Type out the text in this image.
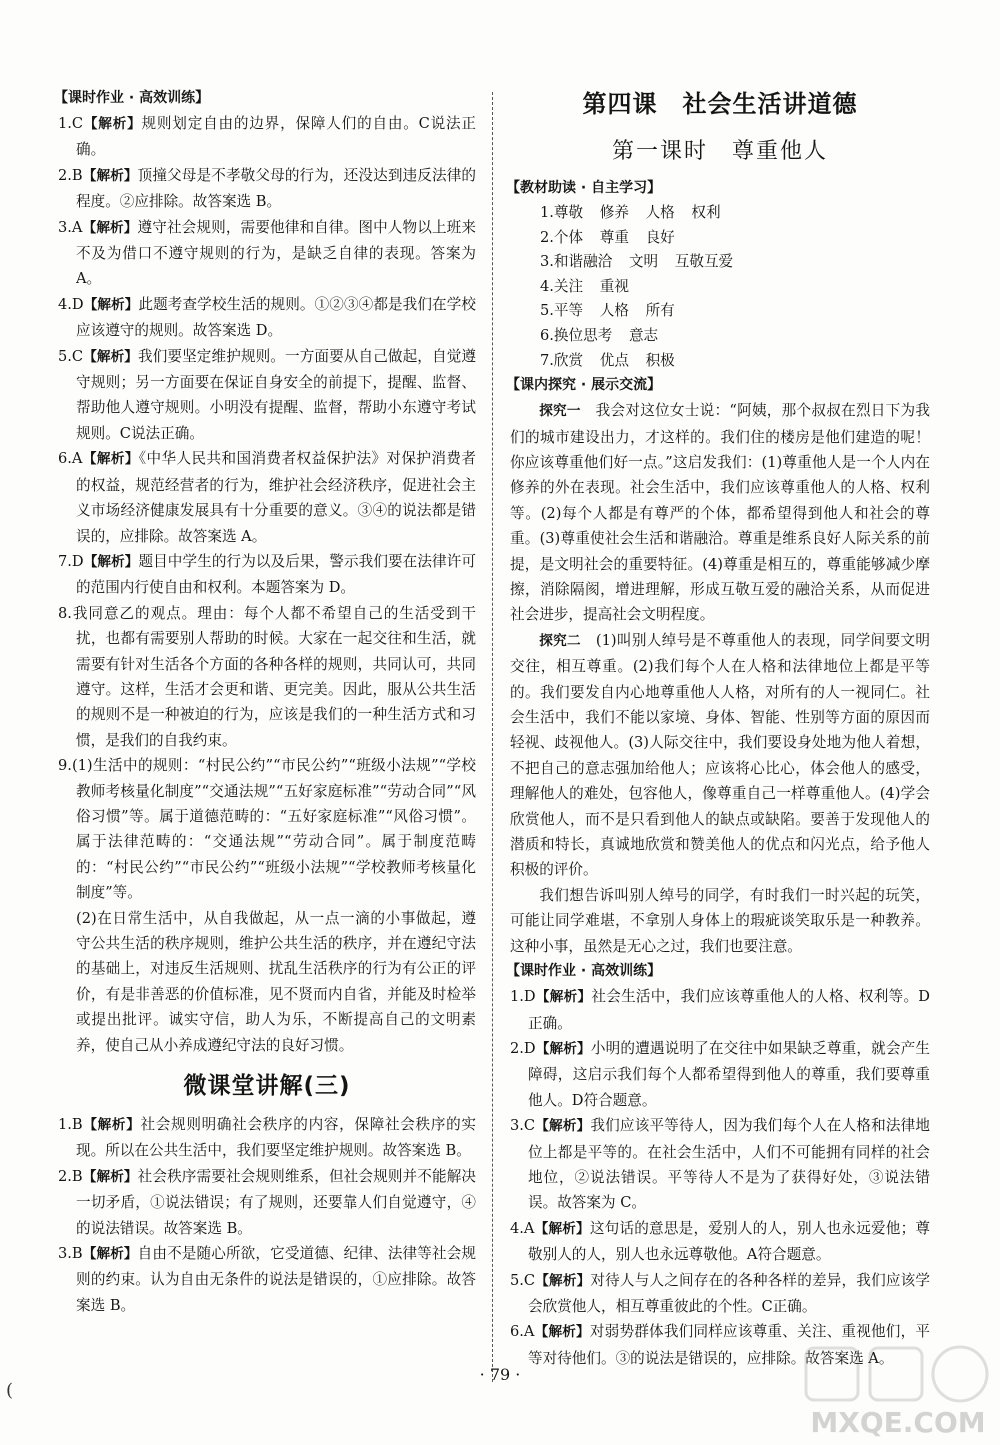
【课时作业 · 高效训练】
1.C【解析】规则划定自由的边界，保障人们的自由。C说法正确。
2.B【解析】顶撞父母是不孝敬父母的行为，还没达到违反法律的程度。②应排除。故答案选 B。
3.A【解析】遵守社会规则，需要他律和自律。图中人物以上班来不及为借口不遵守规则的行为，是缺乏自律的表现。答案为 A。
4.D【解析】此题考查学校生活的规则。①②③④都是我们在学校应该遵守的规则。故答案选 D。
5.C【解析】我们要坚定维护规则。一方面要从自己做起，自觉遵守规则；另一方面要在保证自身安全的前提下，提醒、监督、帮助他人遵守规则。小明没有提醒、监督，帮助小东遵守考试规则。C说法正确。
6.A【解析】《中华人民共和国消费者权益保护法》对保护消费者的权益，规范经营者的行为，维护社会经济秩序，促进社会主义市场经济健康发展具有十分重要的意义。③④的说法都是错误的，应排除。故答案选 A。
7.D【解析】题目中学生的行为以及后果，警示我们要在法律许可的范围内行使自由和权利。本题答案为 D。
8.我同意乙的观点。理由：每个人都不希望自己的生活受到干扰，也都有需要别人帮助的时候。大家在一起交往和生活，就需要有针对生活各个方面的各种各样的规则，共同认可，共同遵守。这样，生活才会更和谐、更完美。因此，服从公共生活的规则不是一种被迫的行为，应该是我们的一种生活方式和习惯，是我们的自我约束。
9.(1)生活中的规则：“村民公约”“市民公约”“班级小法规”“学校教师考核量化制度”“交通法规”“五好家庭标准”“劳动合同”“风俗习惯”等。属于道德范畴的：“五好家庭标准”“风俗习惯”。属于法律范畴的：“交通法规”“劳动合同”。属于制度范畴的：“村民公约”“市民公约”“班级小法规”“学校教师考核量化制度”等。
(2)在日常生活中，从自我做起，从一点一滴的小事做起，遵守公共生活的秩序规则，维护公共生活的秩序，并在遵纪守法的基础上，对违反生活规则、扰乱生活秩序的行为有公正的评价，有是非善恶的价值标准，见不贤而内自省，并能及时检举或提出批评。诚实守信，助人为乐，不断提高自己的文明素养，使自己从小养成遵纪守法的良好习惯。
微课堂讲解(三)
1.B【解析】社会规则明确社会秩序的内容，保障社会秩序的实现。所以在公共生活中，我们要坚定维护规则。故答案选 B。
2.B【解析】社会秩序需要社会规则维系，但社会规则并不能解决一切矛盾，①说法错误；有了规则，还要靠人们自觉遵守，④的说法错误。故答案选 B。
3.B【解析】自由不是随心所欲，它受道德、纪律、法律等社会规则的约束。认为自由无条件的说法是错误的，①应排除。故答案选 B。
第四课　社会生活讲道德
第一课时　尊重他人
【教材助读 · 自主学习】
1.尊敬 修养 人格 权利
2.个体 尊重 良好
3.和谐融洽 文明 互敬互爱
4.关注 重视
5.平等 人格 所有
6.换位思考 意志
7.欣赏 优点 积极
【课内探究 · 展示交流】
探究一　 我会对这位女士说：“阿姨，那个叔叔在烈日下为我们的城市建设出力，才这样的。我们住的楼房是他们建造的呢！你应该尊重他们好一点。”这启发我们：(1)尊重他人是一个人内在修养的外在表现。社会生活中，我们应该尊重他人的人格、权利等。(2)每个人都是有尊严的个体，都希望得到他人和社会的尊重。(3)尊重使社会生活和谐融洽。尊重是维系良好人际关系的前提，是文明社会的重要特征。(4)尊重是相互的，尊重能够减少摩擦，消除隔阂，增进理解，形成互敬互爱的融洽关系，从而促进社会进步，提高社会文明程度。
探究二　 (1)叫别人绰号是不尊重他人的表现，同学间要文明交往，相互尊重。(2)我们每个人在人格和法律地位上都是平等的。我们要发自内心地尊重他人人格，对所有的人一视同仁。社会生活中，我们不能以家境、身体、智能、性别等方面的原因而轻视、歧视他人。(3)人际交往中，我们要设身处地为他人着想，不把自己的意志强加给他人；应该将心比心，体会他人的感受，理解他人的难处，包容他人，像尊重自己一样尊重他人。(4)学会欣赏他人，而不是只看到他人的缺点或缺陷。要善于发现他人的潜质和特长，真诚地欣赏和赞美他人的优点和闪光点，给予他人积极的评价。
我们想告诉叫别人绰号的同学，有时我们一时兴起的玩笑，可能让同学难堪，不拿别人身体上的瑕疵谈笑取乐是一种教养。这种小事，虽然是无心之过，我们也要注意。
【课时作业 · 高效训练】
1.D【解析】社会生活中，我们应该尊重他人的人格、权利等。D正确。
2.D【解析】小明的遭遇说明了在交往中如果缺乏尊重，就会产生障碍，这启示我们每个人都希望得到他人的尊重，我们要尊重他人。D符合题意。
3.C【解析】我们应该平等待人，因为我们每个人在人格和法律地位上都是平等的。在社会生活中，人们不可能拥有同样的社会地位，②说法错误。平等待人不是为了获得好处，③说法错误。故答案为 C。
4.A【解析】这句话的意思是，爱别人的人，别人也永远爱他；尊敬别人的人，别人也永远尊敬他。A符合题意。
5.C【解析】对待人与人之间存在的各种各样的差异，我们应该学会欣赏他人，相互尊重彼此的个性。C正确。
6.A【解析】对弱势群体我们同样应该尊重、关注、重视他们，平等对待他们。③的说法是错误的，应排除。故答案选 A。
· 79 ·
(
MXQE.COM
